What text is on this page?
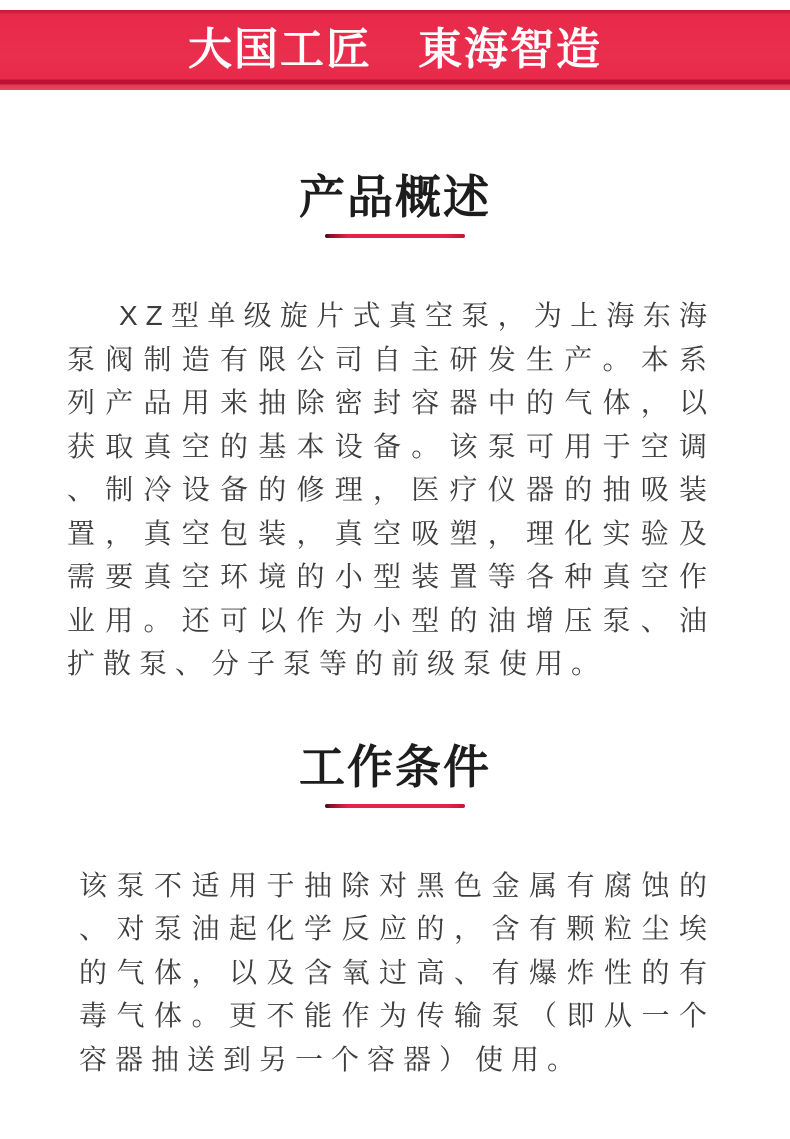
大国工匠　東海智造
产品概述
XZ型单级旋片式真空泵，为上海东海
泵阀制造有限公司自主研发生产。本系
列产品用来抽除密封容器中的气体，以
获取真空的基本设备。该泵可用于空调
、制冷设备的修理，医疗仪器的抽吸装
置，真空包装，真空吸塑，理化实验及
需要真空环境的小型装置等各种真空作
业用。还可以作为小型的油增压泵、油
扩散泵、分子泵等的前级泵使用。
工作条件
该泵不适用于抽除对黑色金属有腐蚀的
、对泵油起化学反应的，含有颗粒尘埃
的气体，以及含氧过高、有爆炸性的有
毒气体。更不能作为传输泵（即从一个
容器抽送到另一个容器）使用。
